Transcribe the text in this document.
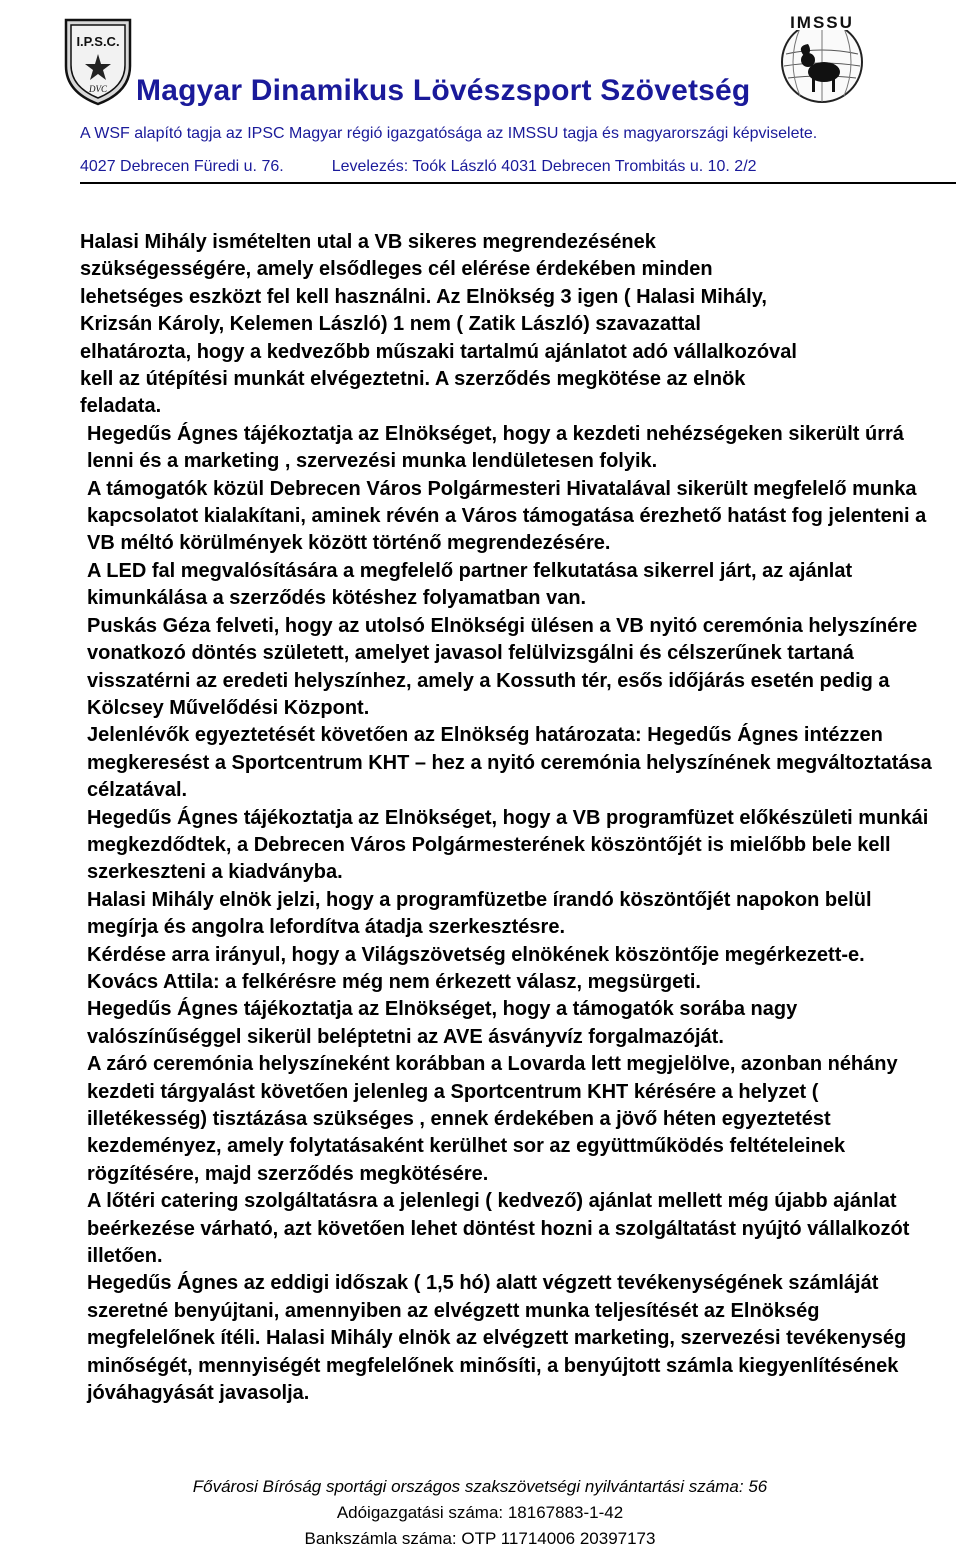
I.P.S.C.
DVC
IMSSU
Magyar Dinamikus Lövészsport Szövetség
A WSF alapító tagja az IPSC Magyar régió igazgatósága az IMSSU tagja és magyarországi képviselete.
4027 Debrecen Füredi u. 76.	Levelezés: Toók László 4031 Debrecen Trombitás u. 10. 2/2

Halasi Mihály ismételten utal a VB sikeres megrendezésének
szükségességére, amely elsődleges cél elérése érdekében minden
lehetséges eszközt fel kell használni. Az Elnökség 3 igen ( Halasi Mihály,
Krizsán Károly, Kelemen László) 1 nem ( Zatik László) szavazattal
elhatározta, hogy a kedvezőbb műszaki tartalmú ajánlatot adó vállalkozóval
kell az útépítési munkát elvégeztetni. A szerződés megkötése az elnök
feladata.

Hegedűs Ágnes tájékoztatja az Elnökséget, hogy a kezdeti nehézségeken sikerült úrrá lenni és a marketing , szervezési munka lendületesen folyik.

A támogatók közül Debrecen Város Polgármesteri Hivatalával sikerült megfelelő munka kapcsolatot kialakítani, aminek révén a Város támogatása érezhető hatást fog jelenteni a VB méltó körülmények között történő megrendezésére.

A LED fal megvalósítására a megfelelő partner felkutatása sikerrel járt, az ajánlat kimunkálása a szerződés kötéshez folyamatban van.

Puskás Géza felveti, hogy az utolsó Elnökségi ülésen a VB nyitó ceremónia helyszínére vonatkozó döntés született, amelyet javasol felülvizsgálni és célszerűnek tartaná visszatérni az eredeti helyszínhez, amely a Kossuth tér, esős időjárás esetén pedig a Kölcsey Művelődési Központ.

Jelenlévők egyeztetését követően az Elnökség határozata: Hegedűs Ágnes intézzen megkeresést a Sportcentrum KHT – hez a nyitó ceremónia helyszínének megváltoztatása célzatával.

Hegedűs Ágnes tájékoztatja az Elnökséget, hogy a VB programfüzet előkészületi munkái megkezdődtek, a Debrecen Város Polgármesterének köszöntőjét is mielőbb bele kell szerkeszteni a kiadványba.

Halasi Mihály elnök jelzi, hogy a programfüzetbe írandó köszöntőjét napokon belül megírja és angolra lefordítva átadja szerkesztésre.

Kérdése arra irányul, hogy a Világszövetség elnökének köszöntője megérkezett-e. Kovács Attila: a felkérésre még nem érkezett válasz, megsürgeti.

Hegedűs Ágnes tájékoztatja az Elnökséget, hogy a támogatók sorába nagy valószínűséggel sikerül beléptetni az AVE ásványvíz forgalmazóját.

A záró ceremónia helyszíneként korábban a Lovarda lett megjelölve, azonban néhány kezdeti tárgyalást követően jelenleg a Sportcentrum KHT kérésére a helyzet ( illetékesség) tisztázása szükséges , ennek érdekében a jövő héten egyeztetést kezdeményez, amely folytatásaként kerülhet sor az együttműködés feltételeinek rögzítésére, majd szerződés megkötésére.

A lőtéri catering szolgáltatásra a jelenlegi ( kedvező) ajánlat mellett még újabb ajánlat beérkezése várható, azt követően lehet döntést hozni a szolgáltatást nyújtó vállalkozót illetően.

Hegedűs Ágnes az eddigi időszak ( 1,5 hó) alatt végzett tevékenységének számláját szeretné benyújtani, amennyiben az elvégzett munka teljesítését az Elnökség megfelelőnek ítéli. Halasi Mihály elnök az elvégzett marketing, szervezési tevékenység minőségét, mennyiségét megfelelőnek minősíti, a benyújtott számla kiegyenlítésének jóváhagyását javasolja.

Fővárosi Bíróság sportági országos szakszövetségi nyilvántartási száma: 56
Adóigazgatási száma: 18167883-1-42
Bankszámla száma: OTP 11714006 20397173
